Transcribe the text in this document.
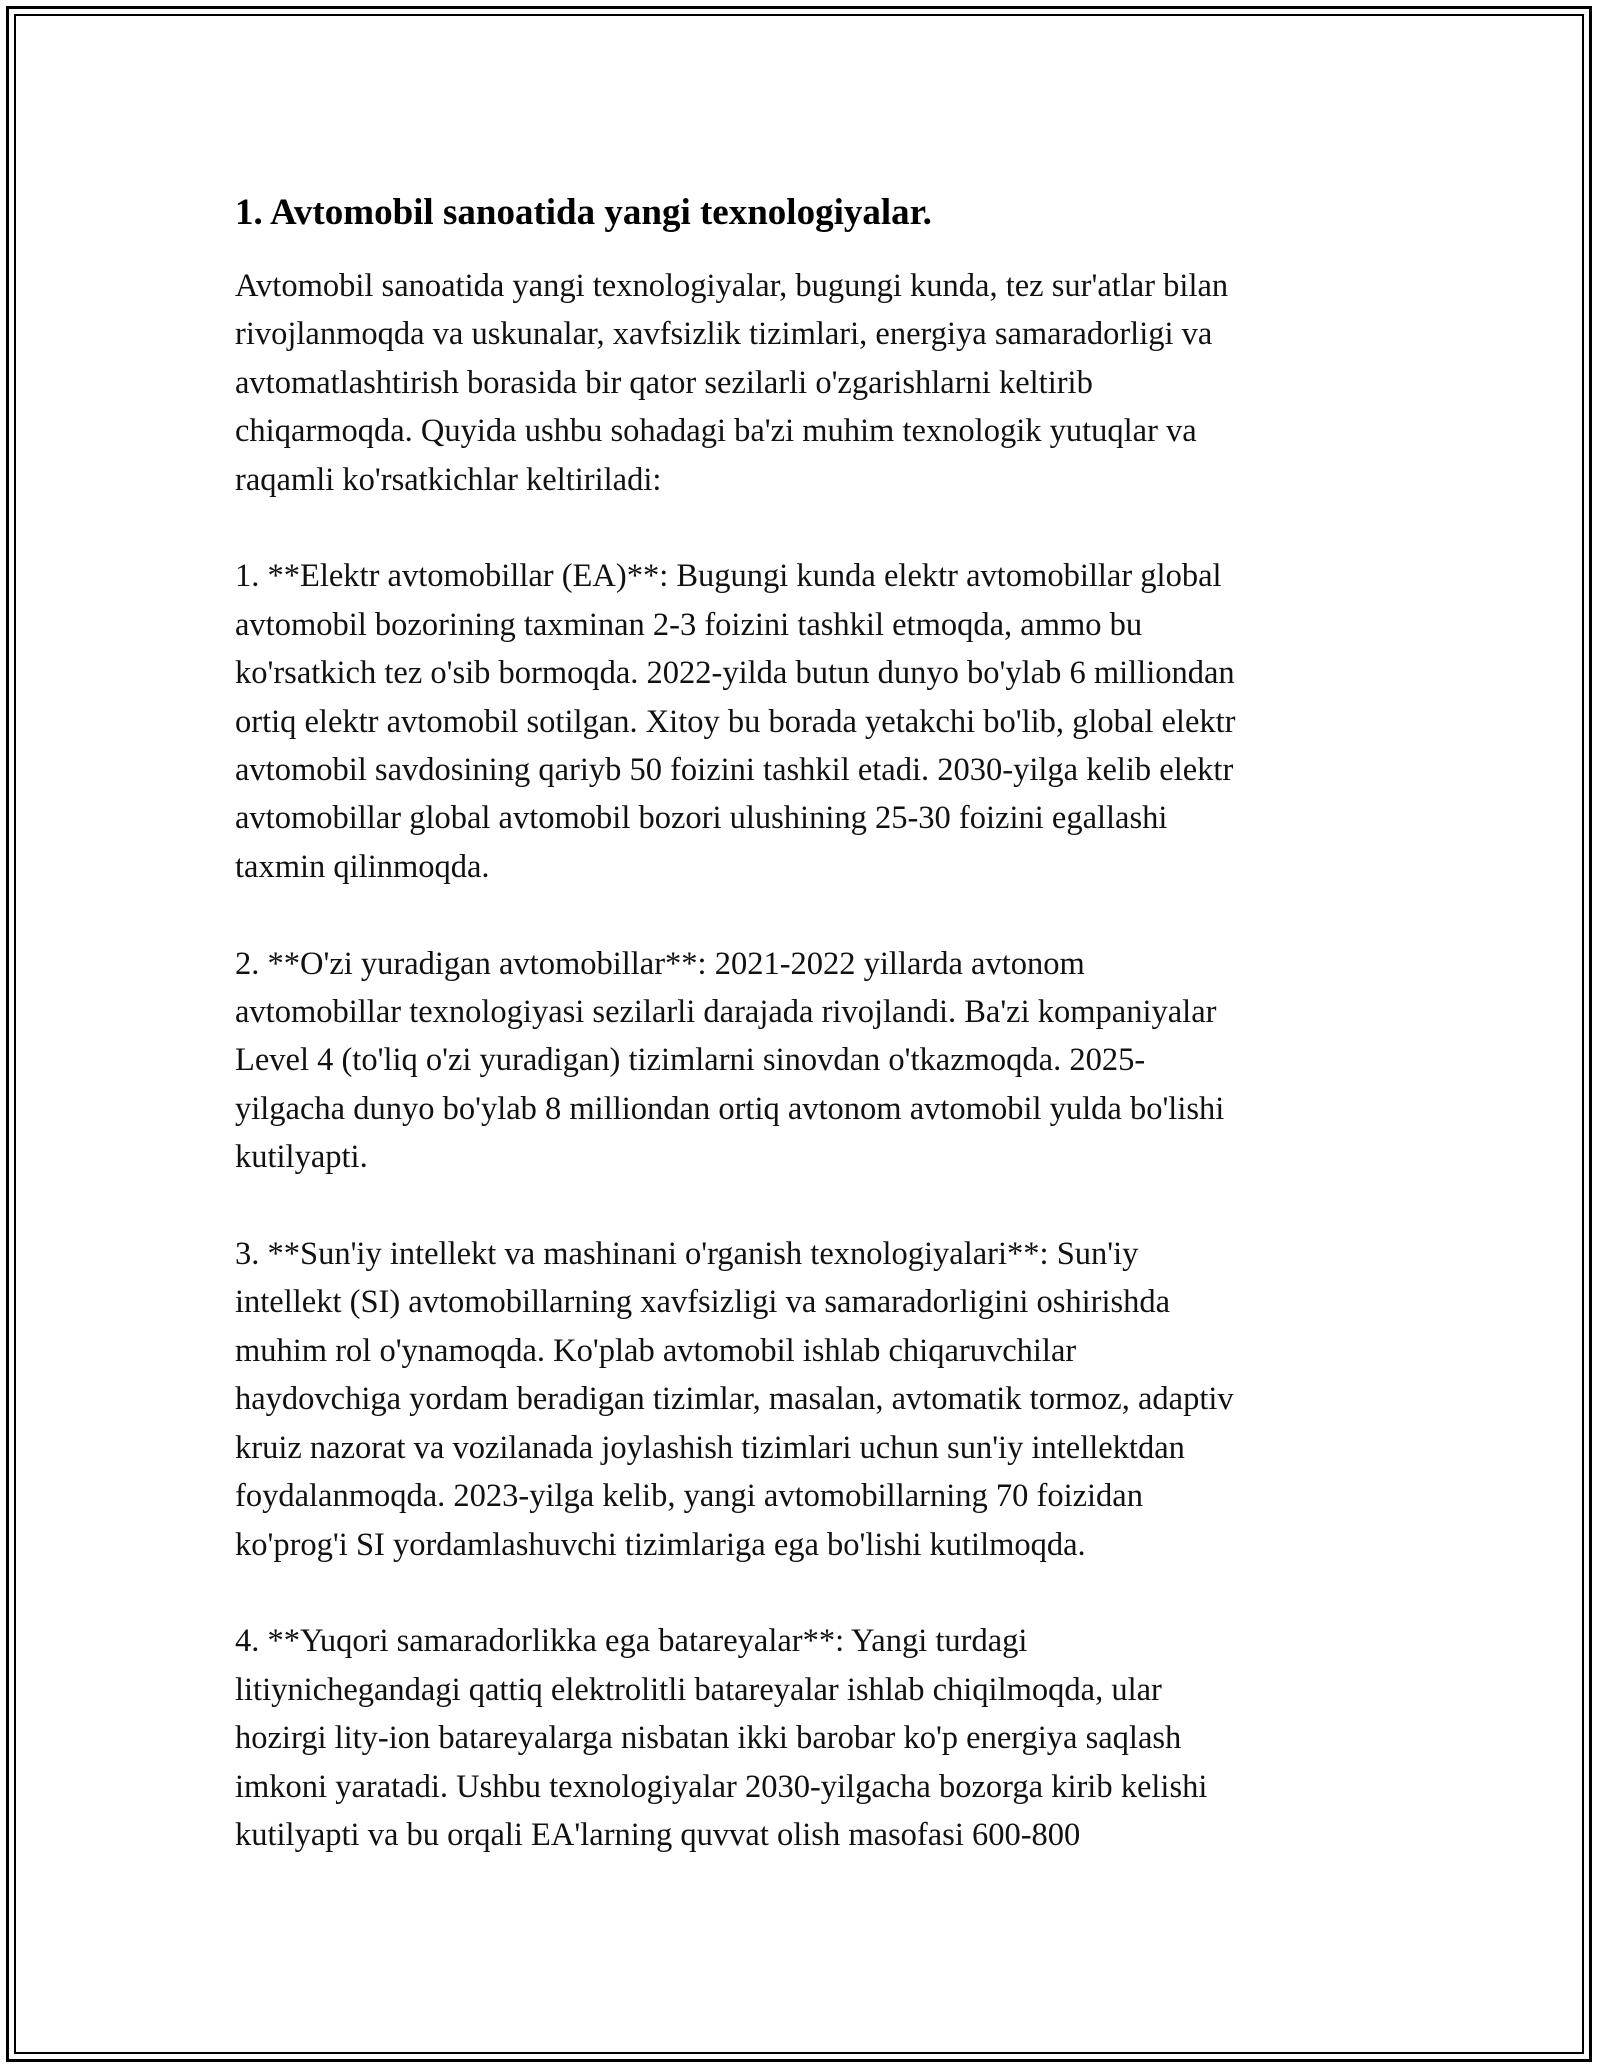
1. Avtomobil sanoatida yangi texnologiyalar.

Avtomobil sanoatida yangi texnologiyalar, bugungi kunda, tez sur'atlar bilan
rivojlanmoqda va uskunalar, xavfsizlik tizimlari, energiya samaradorligi va
avtomatlashtirish borasida bir qator sezilarli o'zgarishlarni keltirib
chiqarmoqda. Quyida ushbu sohadagi ba'zi muhim texnologik yutuqlar va
raqamli ko'rsatkichlar keltiriladi:

1. **Elektr avtomobillar (EA)**: Bugungi kunda elektr avtomobillar global
avtomobil bozorining taxminan 2-3 foizini tashkil etmoqda, ammo bu
ko'rsatkich tez o'sib bormoqda. 2022-yilda butun dunyo bo'ylab 6 milliondan
ortiq elektr avtomobil sotilgan. Xitoy bu borada yetakchi bo'lib, global elektr
avtomobil savdosining qariyb 50 foizini tashkil etadi. 2030-yilga kelib elektr
avtomobillar global avtomobil bozori ulushining 25-30 foizini egallashi
taxmin qilinmoqda.

2. **O'zi yuradigan avtomobillar**: 2021-2022 yillarda avtonom
avtomobillar texnologiyasi sezilarli darajada rivojlandi. Ba'zi kompaniyalar
Level 4 (to'liq o'zi yuradigan) tizimlarni sinovdan o'tkazmoqda. 2025-
yilgacha dunyo bo'ylab 8 milliondan ortiq avtonom avtomobil yulda bo'lishi
kutilyapti.

3. **Sun'iy intellekt va mashinani o'rganish texnologiyalari**: Sun'iy
intellekt (SI) avtomobillarning xavfsizligi va samaradorligini oshirishda
muhim rol o'ynamoqda. Ko'plab avtomobil ishlab chiqaruvchilar
haydovchiga yordam beradigan tizimlar, masalan, avtomatik tormoz, adaptiv
kruiz nazorat va vozilanada joylashish tizimlari uchun sun'iy intellektdan
foydalanmoqda. 2023-yilga kelib, yangi avtomobillarning 70 foizidan
ko'prog'i SI yordamlashuvchi tizimlariga ega bo'lishi kutilmoqda.

4. **Yuqori samaradorlikka ega batareyalar**: Yangi turdagi
litiynichegandagi qattiq elektrolitli batareyalar ishlab chiqilmoqda, ular
hozirgi lity-ion batareyalarga nisbatan ikki barobar ko'p energiya saqlash
imkoni yaratadi. Ushbu texnologiyalar 2030-yilgacha bozorga kirib kelishi
kutilyapti va bu orqali EA'larning quvvat olish masofasi 600-800
